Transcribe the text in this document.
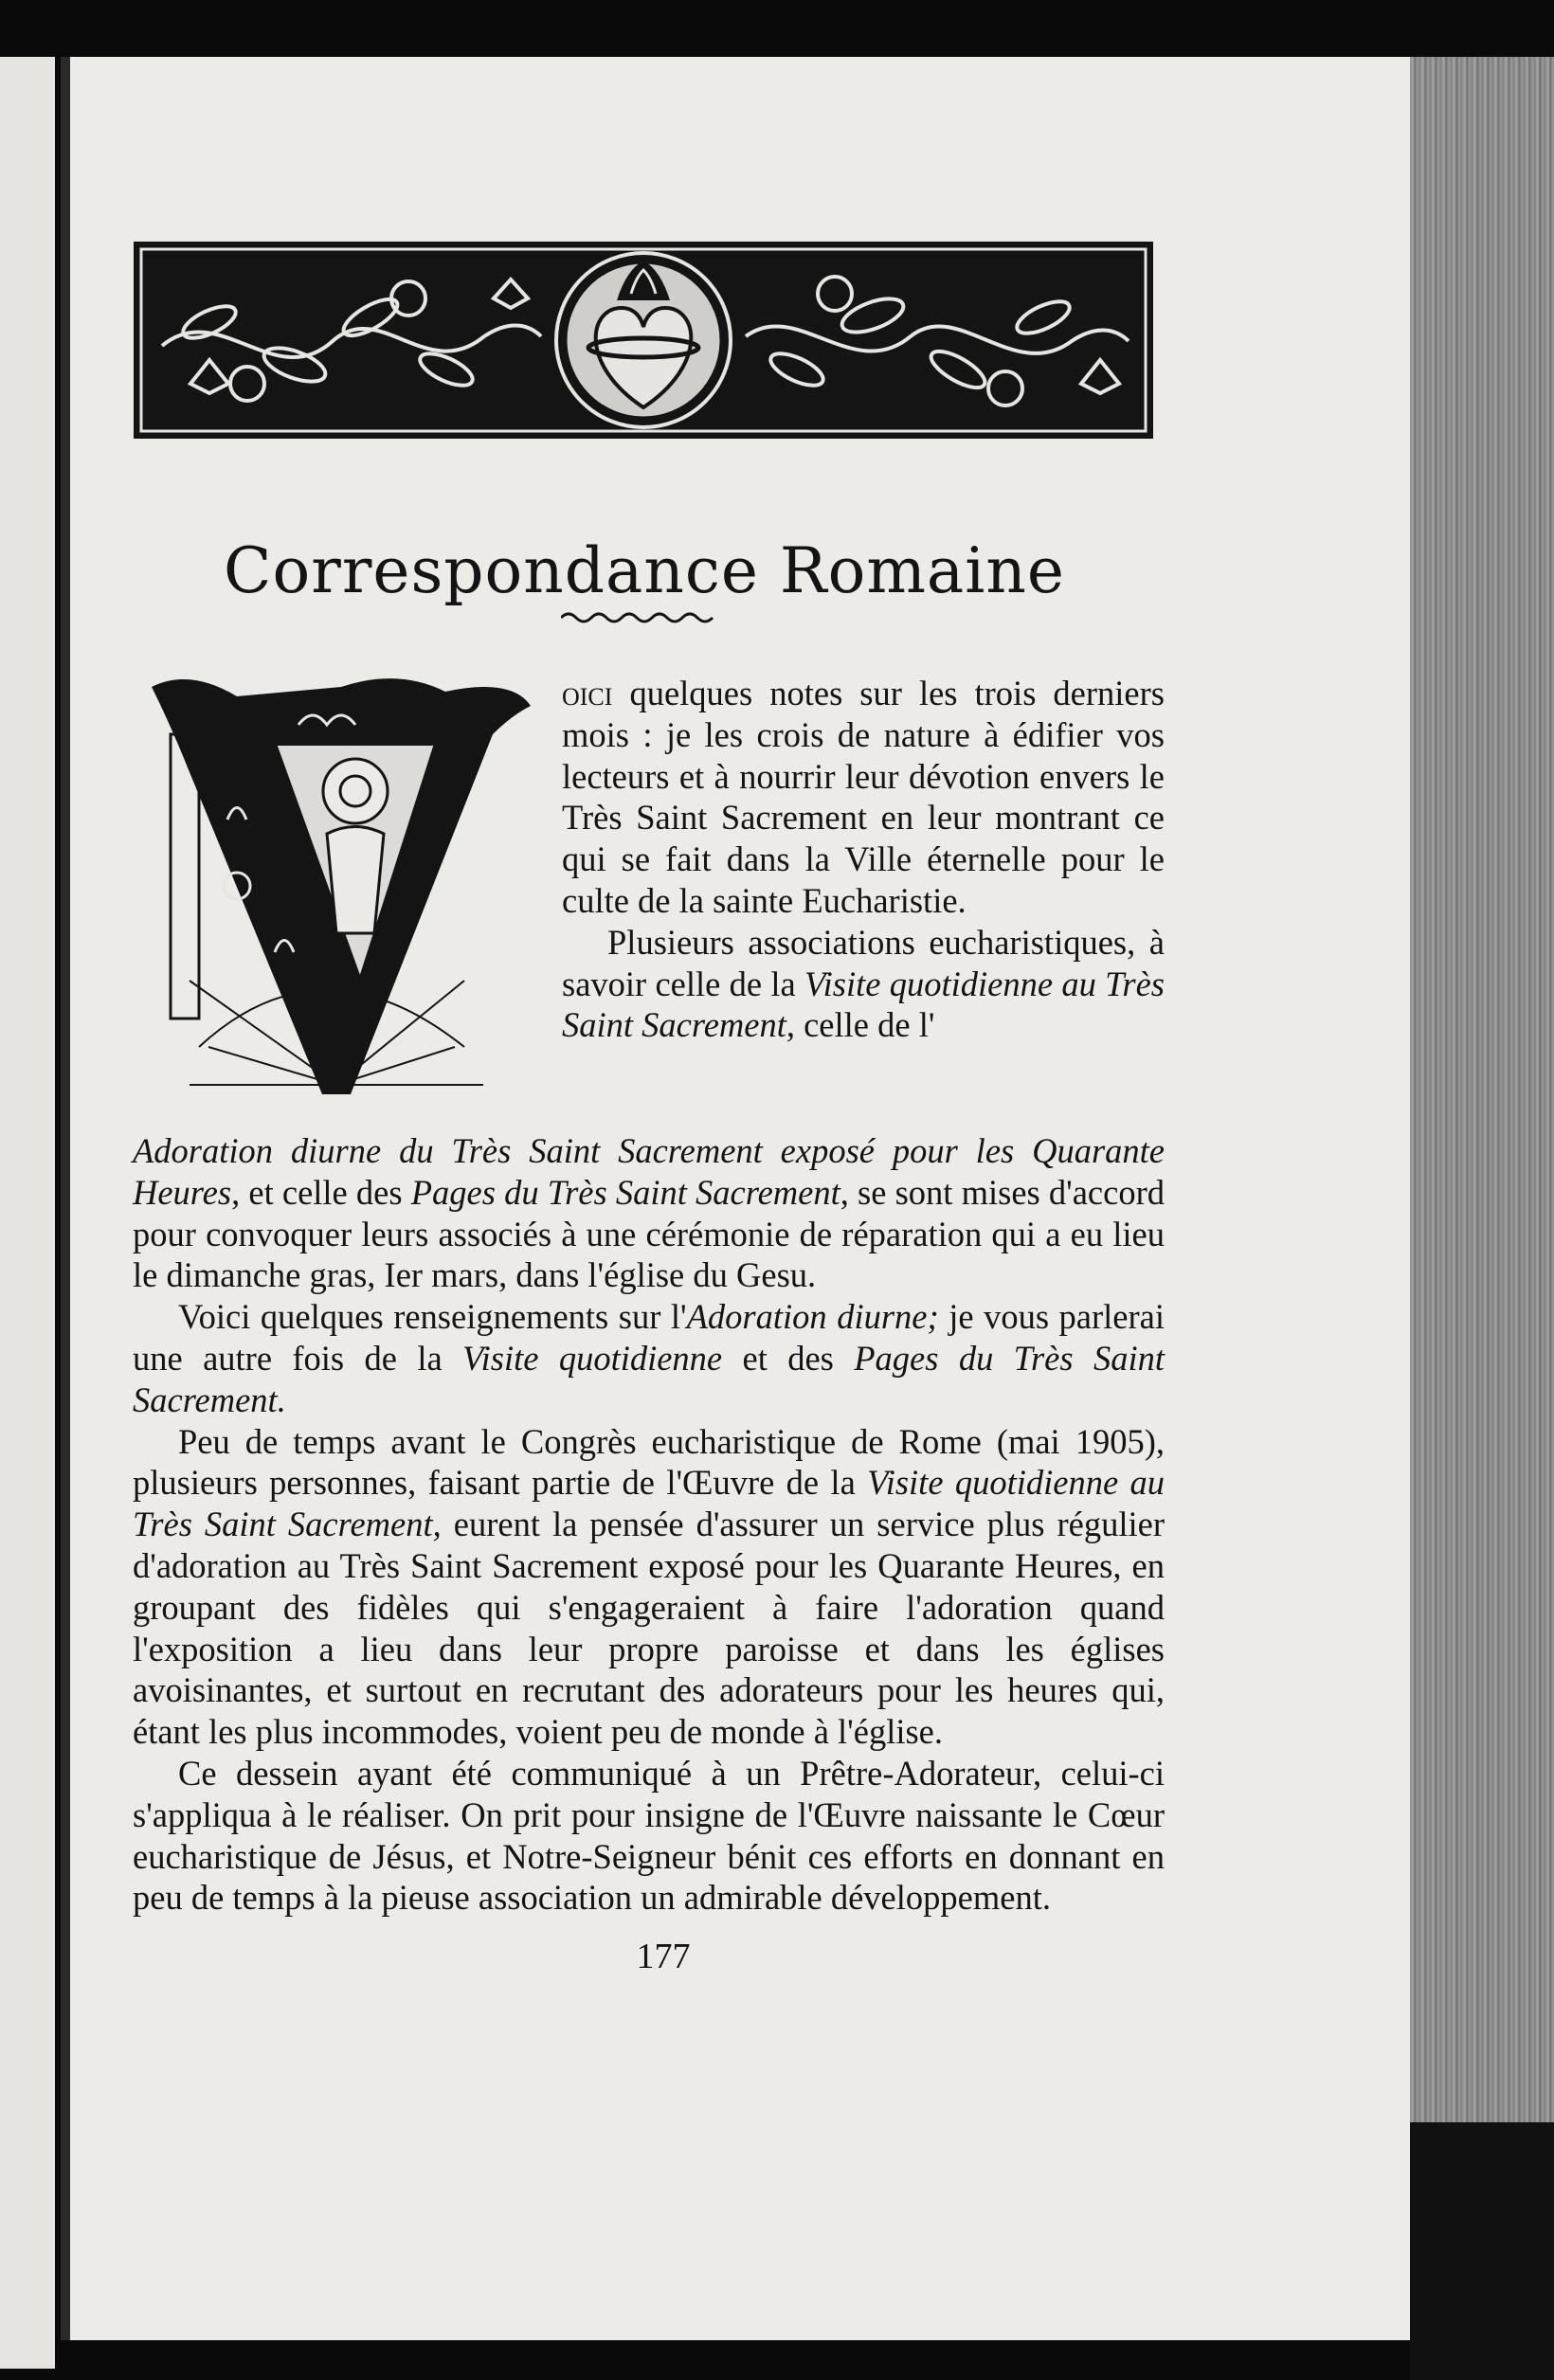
Correspondance Romaine

oici quelques notes sur les trois derniers mois : je les crois de nature à édifier vos lecteurs et à nourrir leur dévotion envers le Très Saint Sacrement en leur montrant ce qui se fait dans la Ville éternelle pour le culte de la sainte Eucharistie.

Plusieurs associations eucharistiques, à savoir celle de la Visite quotidienne au Très Saint Sacrement, celle de l'

Adoration diurne du Très Saint Sacrement exposé pour les Quarante Heures, et celle des Pages du Très Saint Sacrement, se sont mises d'accord pour convoquer leurs associés à une cérémonie de réparation qui a eu lieu le dimanche gras, Ier mars, dans l'église du Gesu.

Voici quelques renseignements sur l'Adoration diurne; je vous parlerai une autre fois de la Visite quotidienne et des Pages du Très Saint Sacrement.

Peu de temps avant le Congrès eucharistique de Rome (mai 1905), plusieurs personnes, faisant partie de l'Œuvre de la Visite quotidienne au Très Saint Sacrement, eurent la pensée d'assurer un service plus régulier d'adoration au Très Saint Sacrement exposé pour les Quarante Heures, en groupant des fidèles qui s'engageraient à faire l'adoration quand l'exposition a lieu dans leur propre paroisse et dans les églises avoisinantes, et surtout en recrutant des adorateurs pour les heures qui, étant les plus incommodes, voient peu de monde à l'église.

Ce dessein ayant été communiqué à un Prêtre-Adorateur, celui-ci s'appliqua à le réaliser. On prit pour insigne de l'Œuvre naissante le Cœur eucharistique de Jésus, et Notre-Seigneur bénit ces efforts en donnant en peu de temps à la pieuse association un admirable développement.

177
